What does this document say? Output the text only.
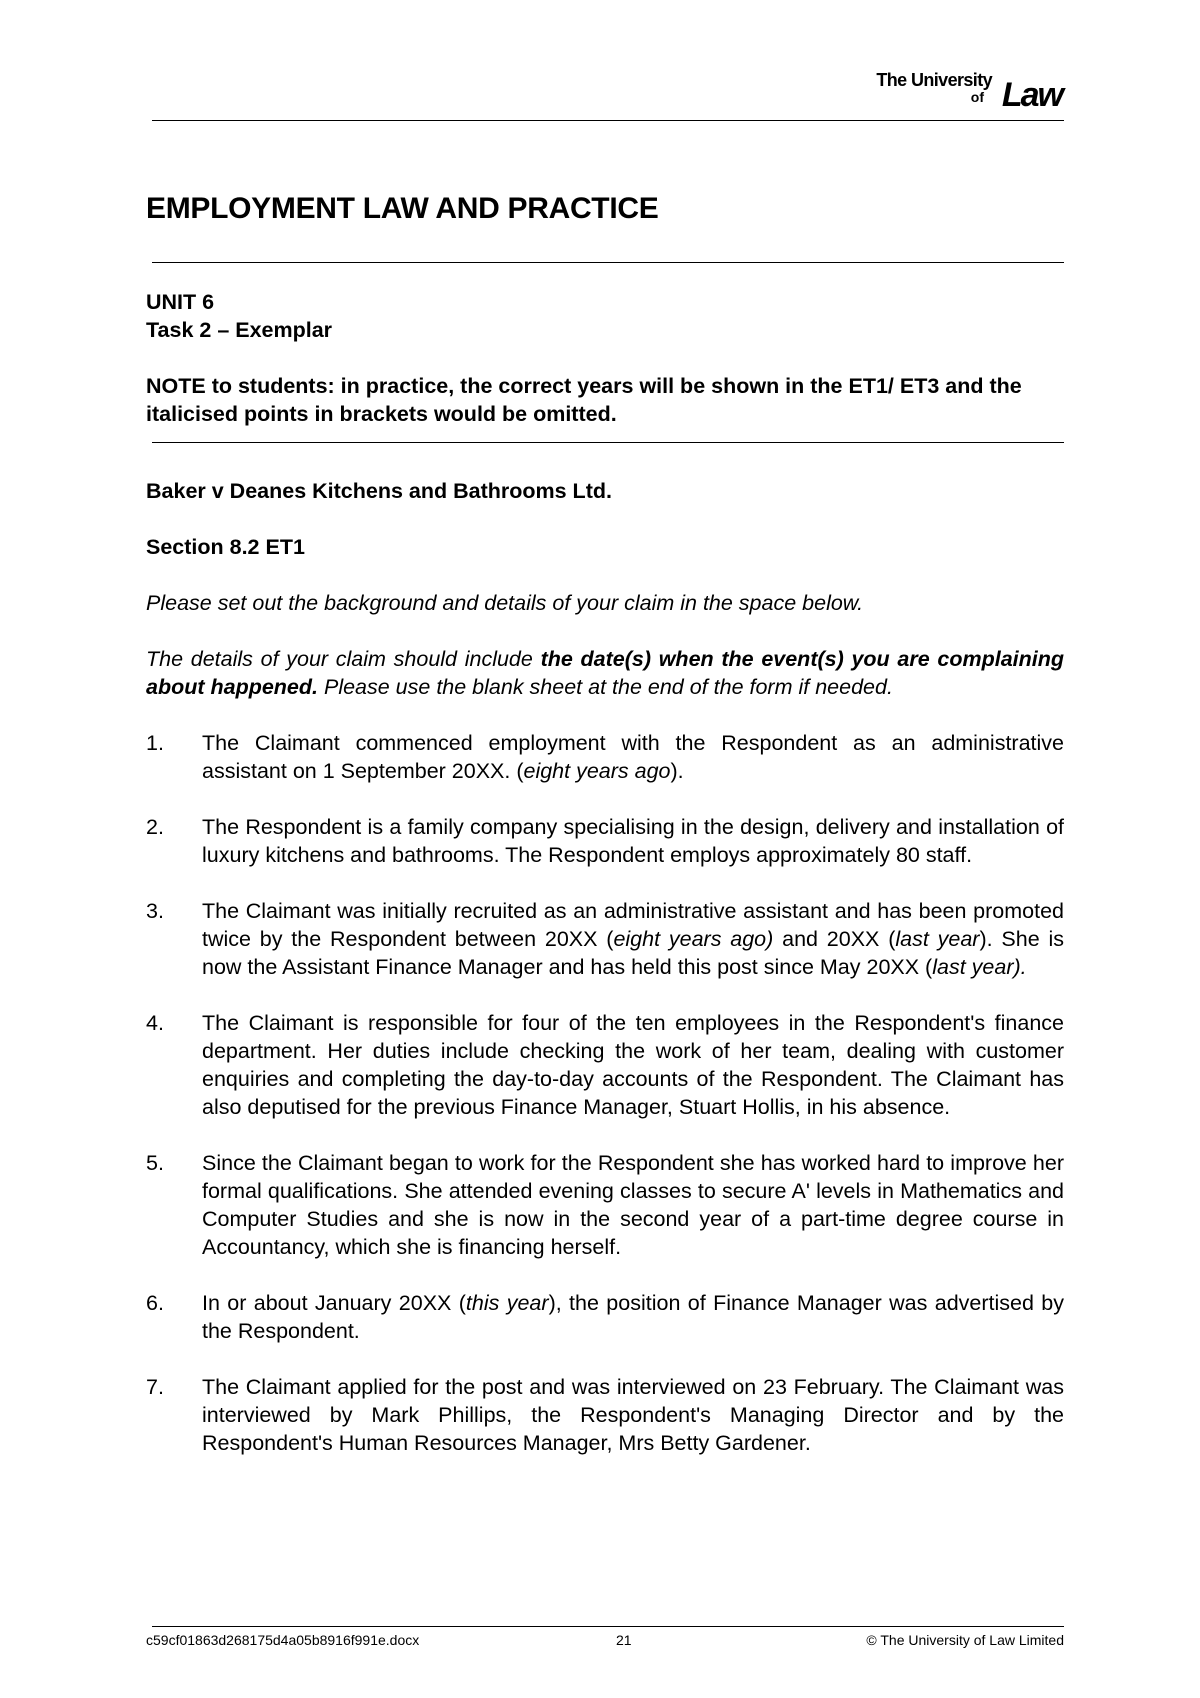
The University
of Law
EMPLOYMENT LAW AND PRACTICE

UNIT 6

Task 2 – Exemplar

NOTE to students: in practice, the correct years will be shown in the ET1/ ET3 and the italicised points in brackets would be omitted.

Baker v Deanes Kitchens and Bathrooms Ltd.

Section 8.2 ET1

Please set out the background and details of your claim in the space below.

The details of your claim should include the date(s) when the event(s) you are complaining about happened. Please use the blank sheet at the end of the form if needed.

1.	The Claimant commenced employment with the Respondent as an administrative assistant on 1 September 20XX. (eight years ago).
2.	The Respondent is a family company specialising in the design, delivery and installation of luxury kitchens and bathrooms. The Respondent employs approximately 80 staff.
3.	The Claimant was initially recruited as an administrative assistant and has been promoted twice by the Respondent between 20XX (eight years ago) and 20XX (last year). She is now the Assistant Finance Manager and has held this post since May 20XX (last year).
4.	The Claimant is responsible for four of the ten employees in the Respondent's finance department. Her duties include checking the work of her team, dealing with customer enquiries and completing the day-to-day accounts of the Respondent. The Claimant has also deputised for the previous Finance Manager, Stuart Hollis, in his absence.
5.	Since the Claimant began to work for the Respondent she has worked hard to improve her formal qualifications. She attended evening classes to secure A' levels in Mathematics and Computer Studies and she is now in the second year of a part-time degree course in Accountancy, which she is financing herself.
6.	In or about January 20XX (this year), the position of Finance Manager was advertised by the Respondent.
7.	The Claimant applied for the post and was interviewed on 23 February. The Claimant was interviewed by Mark Phillips, the Respondent's Managing Director and by the Respondent's Human Resources Manager, Mrs Betty Gardener.
c59cf01863d268175d4a05b8916f991e.docx	21	© The University of Law Limited
